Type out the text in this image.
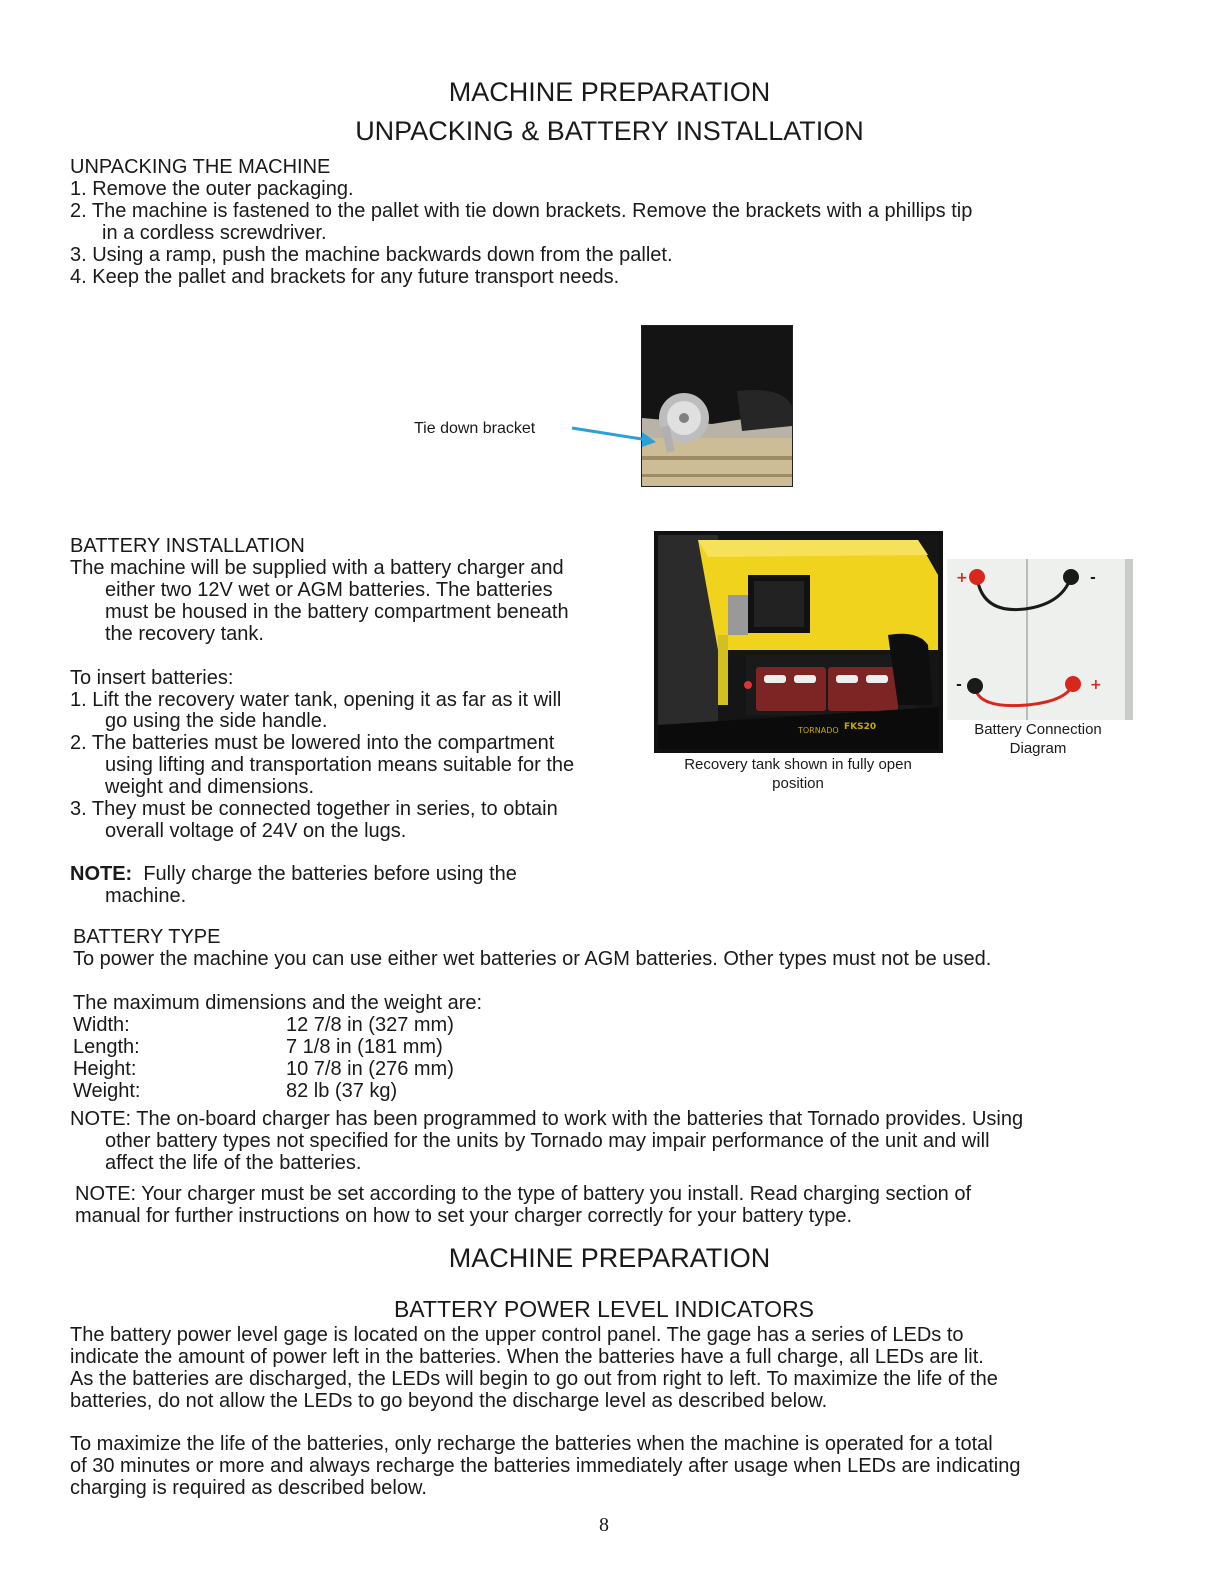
MACHINE PREPARATION
UNPACKING & BATTERY INSTALLATION
UNPACKING THE MACHINE
1. Remove the outer packaging.
2. The machine is fastened to the pallet with tie down brackets. Remove the brackets with a phillips tip
in a cordless screwdriver.
3. Using a ramp, push the machine backwards down from the pallet.
4. Keep the pallet and brackets for any future transport needs.
Tie down bracket
BATTERY INSTALLATION
The machine will be supplied with a battery charger and
either two 12V wet or AGM batteries. The batteries
must be housed in the battery compartment beneath
the recovery tank.
To insert batteries:
1. Lift the recovery water tank, opening it as far as it will
go using the side handle.
2. The batteries must be lowered into the compartment
using lifting and transportation means suitable for the
weight and dimensions.
3. They must be connected together in series, to obtain
overall voltage of 24V on the lugs.
NOTE: Fully charge the batteries before using the
machine.
TORNADO FKS20
Recovery tank shown in fully open
position
+	-
-	+
Battery Connection
Diagram
BATTERY TYPE
To power the machine you can use either wet batteries or AGM batteries. Other types must not be used.
The maximum dimensions and the weight are:
Width:	12 7/8 in (327 mm)
Length:	7 1/8 in (181 mm)
Height:	10 7/8 in (276 mm)
Weight:	82 lb (37 kg)
NOTE: The on-board charger has been programmed to work with the batteries that Tornado provides. Using
other battery types not specified for the units by Tornado may impair performance of the unit and will
affect the life of the batteries.
NOTE: Your charger must be set according to the type of battery you install. Read charging section of
manual for further instructions on how to set your charger correctly for your battery type.
MACHINE PREPARATION
BATTERY POWER LEVEL INDICATORS
The battery power level gage is located on the upper control panel. The gage has a series of LEDs to
indicate the amount of power left in the batteries. When the batteries have a full charge, all LEDs are lit.
As the batteries are discharged, the LEDs will begin to go out from right to left. To maximize the life of the
batteries, do not allow the LEDs to go beyond the discharge level as described below.
To maximize the life of the batteries, only recharge the batteries when the machine is operated for a total
of 30 minutes or more and always recharge the batteries immediately after usage when LEDs are indicating
charging is required as described below.
8
